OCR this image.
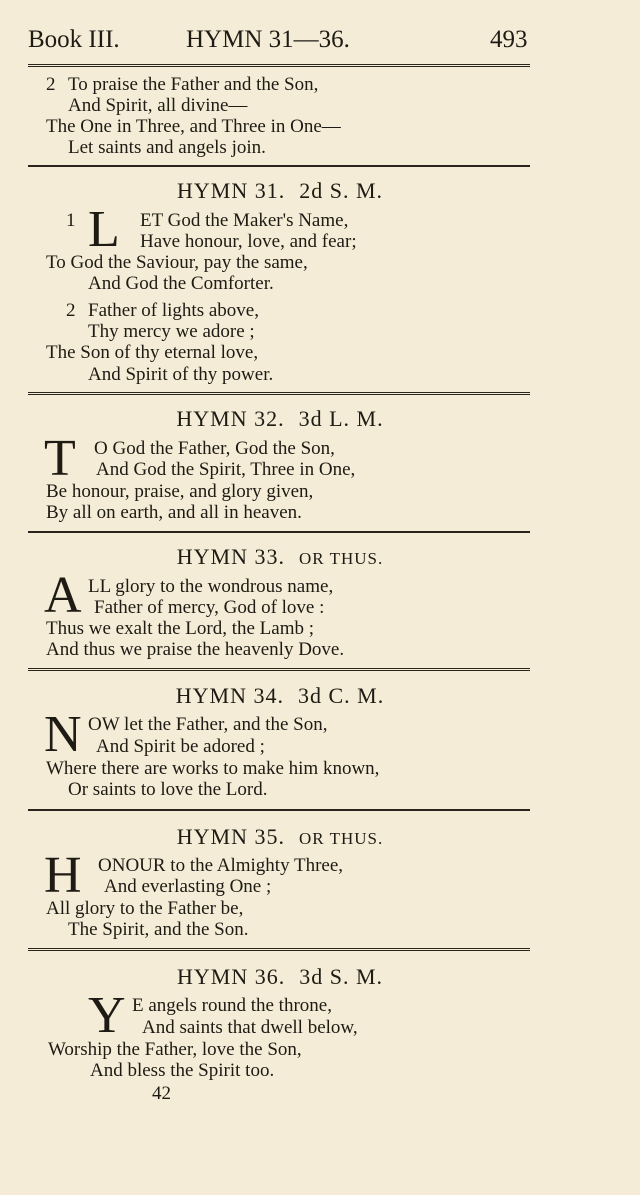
Book III.	HYMN 31—36.	493
2 To praise the Father and the Son,
And Spirit, all divine—
The One in Three, and Three in One—
Let saints and angels join.
HYMN 31. 2d S. M.
1 L ET God the Maker's Name,
Have honour, love, and fear;
To God the Saviour, pay the same,
And God the Comforter.
2 Father of lights above,
Thy mercy we adore ;
The Son of thy eternal love,
And Spirit of thy power.
HYMN 32. 3d L. M.
T O God the Father, God the Son,
And God the Spirit, Three in One,
Be honour, praise, and glory given,
By all on earth, and all in heaven.
HYMN 33. OR THUS.
A LL glory to the wondrous name,
Father of mercy, God of love :
Thus we exalt the Lord, the Lamb ;
And thus we praise the heavenly Dove.
HYMN 34. 3d C. M.
N OW let the Father, and the Son,
And Spirit be adored ;
Where there are works to make him known,
Or saints to love the Lord.
HYMN 35. OR THUS.
H ONOUR to the Almighty Three,
And everlasting One ;
All glory to the Father be,
The Spirit, and the Son.
HYMN 36. 3d S. M.
Y E angels round the throne,
And saints that dwell below,
Worship the Father, love the Son,
And bless the Spirit too.
42
